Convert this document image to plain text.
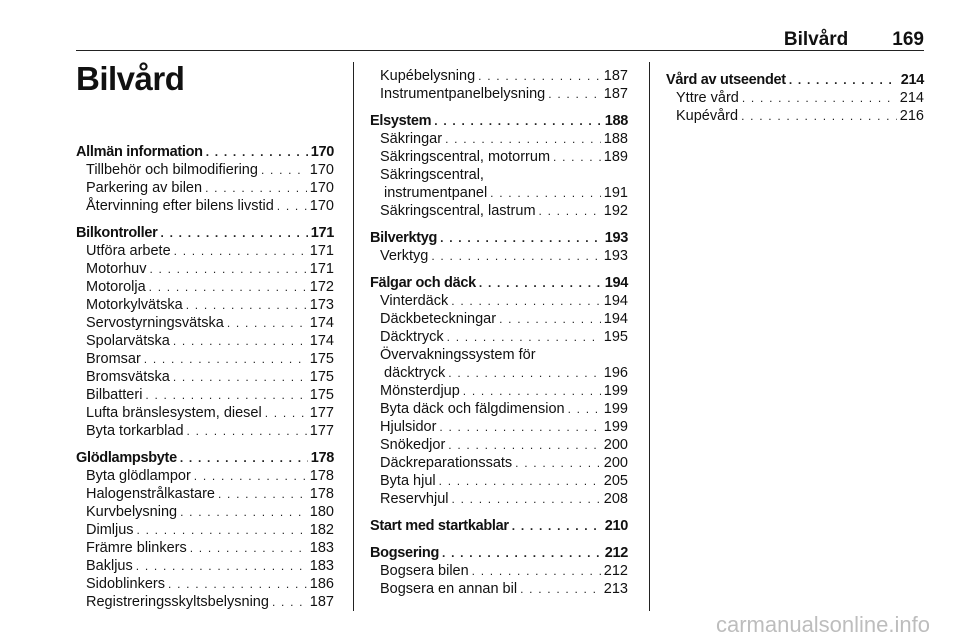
Bilvård 169
Bilvård
Allmän information . . .	170
Tillbehör och bilmodifiering . . .	170
Parkering av bilen . . .	170
Återvinning efter bilens livstid . . . 170
Bilkontroller . . .	171
Utföra arbete . . .	171
Motorhuv . . .	171
Motorolja . . .	172
Motorkylvätska . . .	173
Servostyrningsvätska . . .	174
Spolarvätska . . .	174
Bromsar . . .	175
Bromsvätska . . .	175
Bilbatteri . . .	175
Lufta bränslesystem, diesel . . .	177
Byta torkarblad . . .	177
Glödlampsbyte . . .	178
Byta glödlampor . . .	178
Halogenstrålkastare . . .	178
Kurvbelysning . . .	180
Dimljus . . .	182
Främre blinkers . . .	183
Bakljus . . .	183
Sidoblinkers . . .	186
Registreringsskyltsbelysning . . .	187
Kupébelysning . . .	187
Instrumentpanelbelysning . . .	187
Elsystem . . .	188
Säkringar . . .	188
Säkringscentral, motorrum . . .	189
Säkringscentral,
instrumentpanel . . .	191
Säkringscentral, lastrum . . .	192
Bilverktyg . . .	193
Verktyg . . .	193
Fälgar och däck . . .	194
Vinterdäck . . .	194
Däckbeteckningar . . .	194
Däcktryck . . .	195
Övervakningssystem för
däcktryck . . .	196
Mönsterdjup . . .	199
Byta däck och fälgdimension . . .	199
Hjulsidor . . .	199
Snökedjor . . .	200
Däckreparationssats . . .	200
Byta hjul . . .	205
Reservhjul . . .	208
Start med startkablar . . .	210
Bogsering . . .	212
Bogsera bilen . . .	212
Bogsera en annan bil . . .	213
Vård av utseendet . . .	214
Yttre vård . . .	214
Kupévård . . .	216
carmanualsonline.info
